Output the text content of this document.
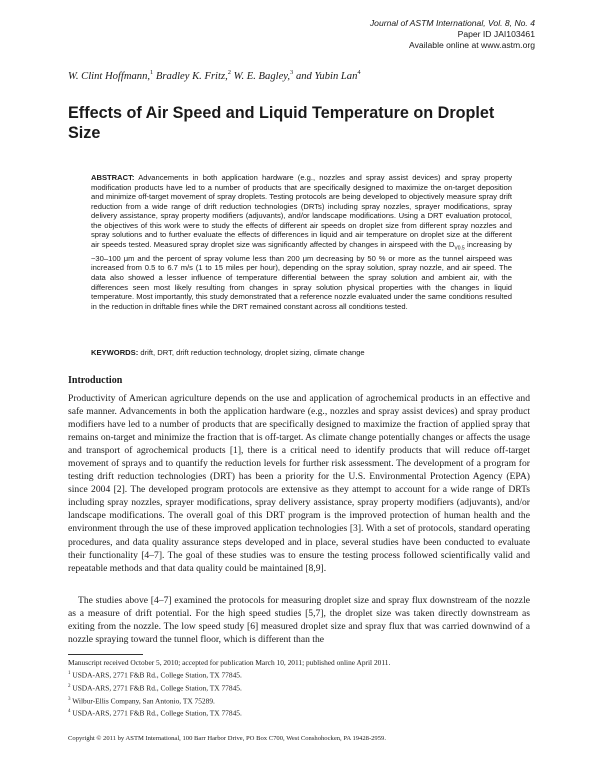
Journal of ASTM International, Vol. 8, No. 4
Paper ID JAI103461
Available online at www.astm.org
W. Clint Hoffmann,$^1$ Bradley K. Fritz,$^2$ W. E. Bagley,$^3$ and Yubin Lan$^4$
Effects of Air Speed and Liquid Temperature on Droplet Size
ABSTRACT: Advancements in both application hardware (e.g., nozzles and spray assist devices) and spray property modification products have led to a number of products that are specifically designed to maximize the on-target deposition and minimize off-target movement of spray droplets. Testing protocols are being developed to objectively measure spray drift reduction from a wide range of drift reduction technologies (DRTs) including spray nozzles, sprayer modifications, spray delivery assistance, spray property modifiers (adjuvants), and/or landscape modifications. Using a DRT evaluation protocol, the objectives of this work were to study the effects of different air speeds on droplet size from different spray nozzles and spray solutions and to further evaluate the effects of differences in liquid and air temperature on droplet size at the different air speeds tested. Measured spray droplet size was significantly affected by changes in airspeed with the $D_{V0.5}$ increasing by ~30–100 μm and the percent of spray volume less than 200 μm decreasing by 50 % or more as the tunnel airspeed was increased from 0.5 to 6.7 m/s (1 to 15 miles per hour), depending on the spray solution, spray nozzle, and air speed. The data also showed a lesser influence of temperature differential between the spray solution and ambient air, with the differences seen most likely resulting from changes in spray solution physical properties with the changes in liquid temperature. Most importantly, this study demonstrated that a reference nozzle evaluated under the same conditions resulted in the reduction in driftable fines while the DRT remained constant across all conditions tested.
KEYWORDS: drift, DRT, drift reduction technology, droplet sizing, climate change
Introduction
Productivity of American agriculture depends on the use and application of agrochemical products in an effective and safe manner. Advancements in both the application hardware (e.g., nozzles and spray assist devices) and spray product modifiers have led to a number of products that are specifically designed to maximize the fraction of applied spray that remains on-target and minimize the fraction that is off-target. As climate change potentially changes or affects the usage and transport of agrochemical products [1], there is a critical need to identify products that will reduce off-target movement of sprays and to quantify the reduction levels for further risk assessment. The development of a program for testing drift reduction technologies (DRT) has been a priority for the U.S. Environmental Protection Agency (EPA) since 2004 [2]. The developed program protocols are extensive as they attempt to account for a wide range of DRTs including spray nozzles, sprayer modifications, spray delivery assistance, spray property modifiers (adjuvants), and/or landscape modifications. The overall goal of this DRT program is the improved protection of human health and the environment through the use of these improved application technologies [3]. With a set of protocols, standard operating procedures, and data quality assurance steps developed and in place, several studies have been conducted to evaluate their functionality [4–7]. The goal of these studies was to ensure the testing process followed scientifically valid and repeatable methods and that data quality could be maintained [8,9].
The studies above [4–7] examined the protocols for measuring droplet size and spray flux downstream of the nozzle as a measure of drift potential. For the high speed studies [5,7], the droplet size was taken directly downstream as exiting from the nozzle. The low speed study [6] measured droplet size and spray flux that was carried downwind of a nozzle spraying toward the tunnel floor, which is different than the
Manuscript received October 5, 2010; accepted for publication March 10, 2011; published online April 2011.
$^1$ USDA-ARS, 2771 F&B Rd., College Station, TX 77845.
$^2$ USDA-ARS, 2771 F&B Rd., College Station, TX 77845.
$^3$ Wilbur-Ellis Company, San Antonio, TX 75289.
$^4$ USDA-ARS, 2771 F&B Rd., College Station, TX 77845.
Copyright © 2011 by ASTM International, 100 Barr Harbor Drive, PO Box C700, West Conshohocken, PA 19428-2959.
